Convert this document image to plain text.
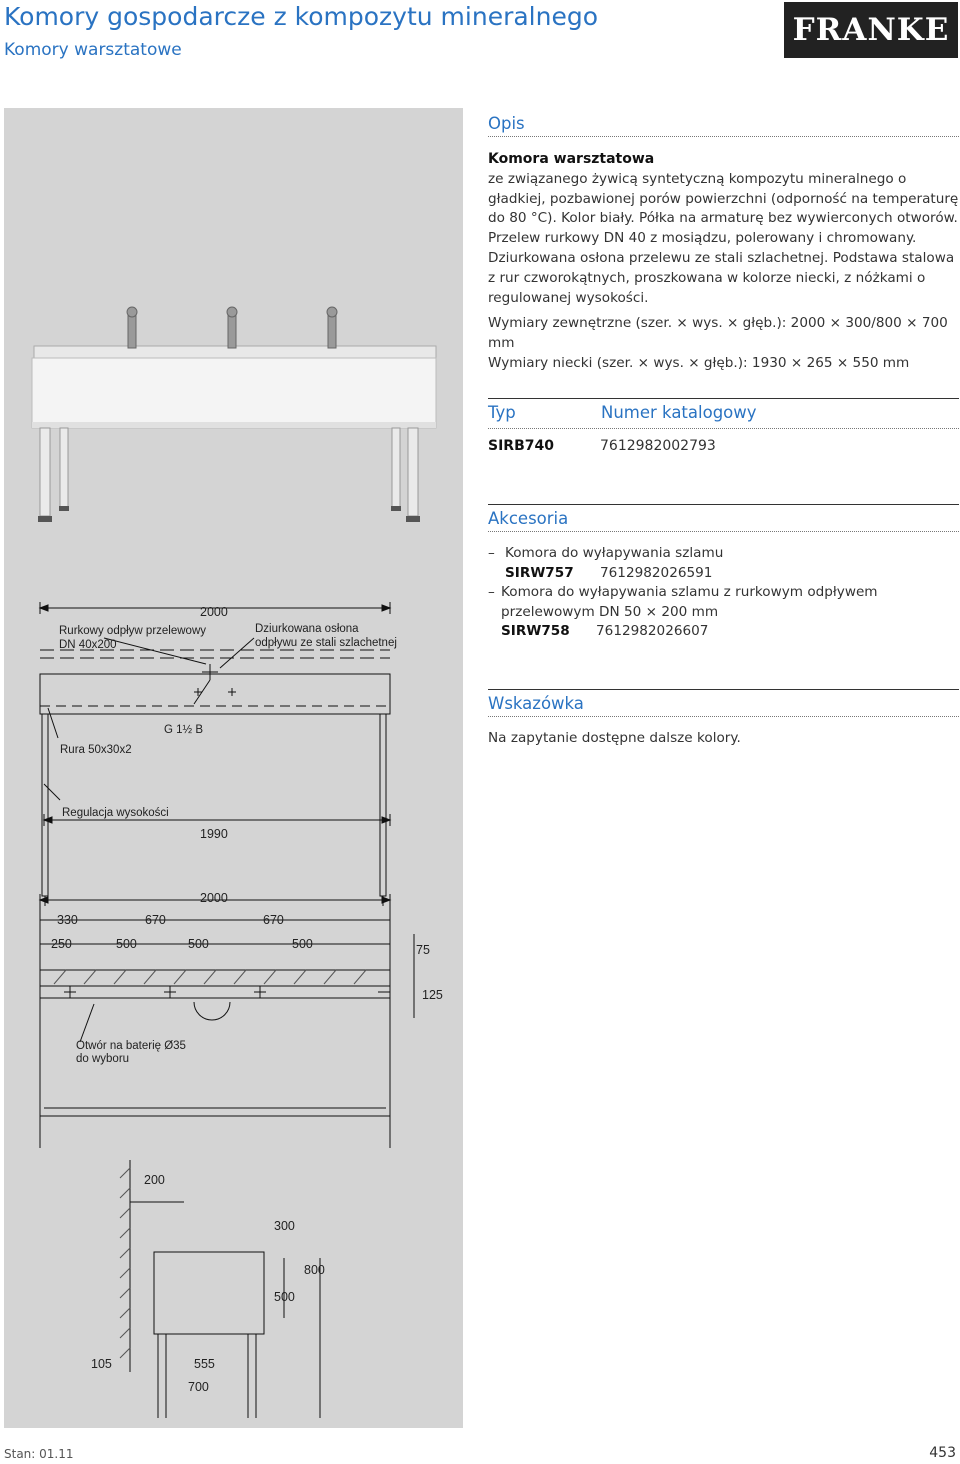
Komory gospodarcze z kompozytu mineralnego
Komory warsztatowe
FRANKE
2000
Rurkowy odpływ przelewowy
DN 40x200
Dziurkowana osłona
odpływu ze stali szlachetnej
G 1½ B
Rura 50x30x2
Regulacja wysokości
1990
2000
330	670	670
250	500	500	500	75
125
Otwór na baterię Ø35
do wyboru
200
300
800
500
105	555
700
Opis
Komora warsztatowa

ze związanego żywicą syntetyczną kompozytu mineralnego o gładkiej, pozbawionej porów powierzchni (odporność na temperaturę do 80 °C). Kolor biały. Półka na armaturę bez wywierconych otworów. Przelew rurkowy DN 40 z mosiądzu, polerowany i chromowany. Dziurkowana osłona przelewu ze stali szlachetnej. Podstawa stalowa z rur czworokątnych, proszkowana w kolorze niecki, z nóżkami o regulowanej wysokości.

Wymiary zewnętrzne (szer. × wys. × głęb.): 2000 × 300/800 × 700 mm
Wymiary niecki (szer. × wys. × głęb.): 1930 × 265 × 550 mm
Typ	Numer katalogowy
SIRB740	7612982002793
Akcesoria
– Komora do wyłapywania szlamu
SIRW757 7612982026591
– Komora do wyłapywania szlamu z rurkowym odpływem przelewowym DN 50 × 200 mm
SIRW758 7612982026607
Wskazówka
Na zapytanie dostępne dalsze kolory.
Stan: 01.11	453
